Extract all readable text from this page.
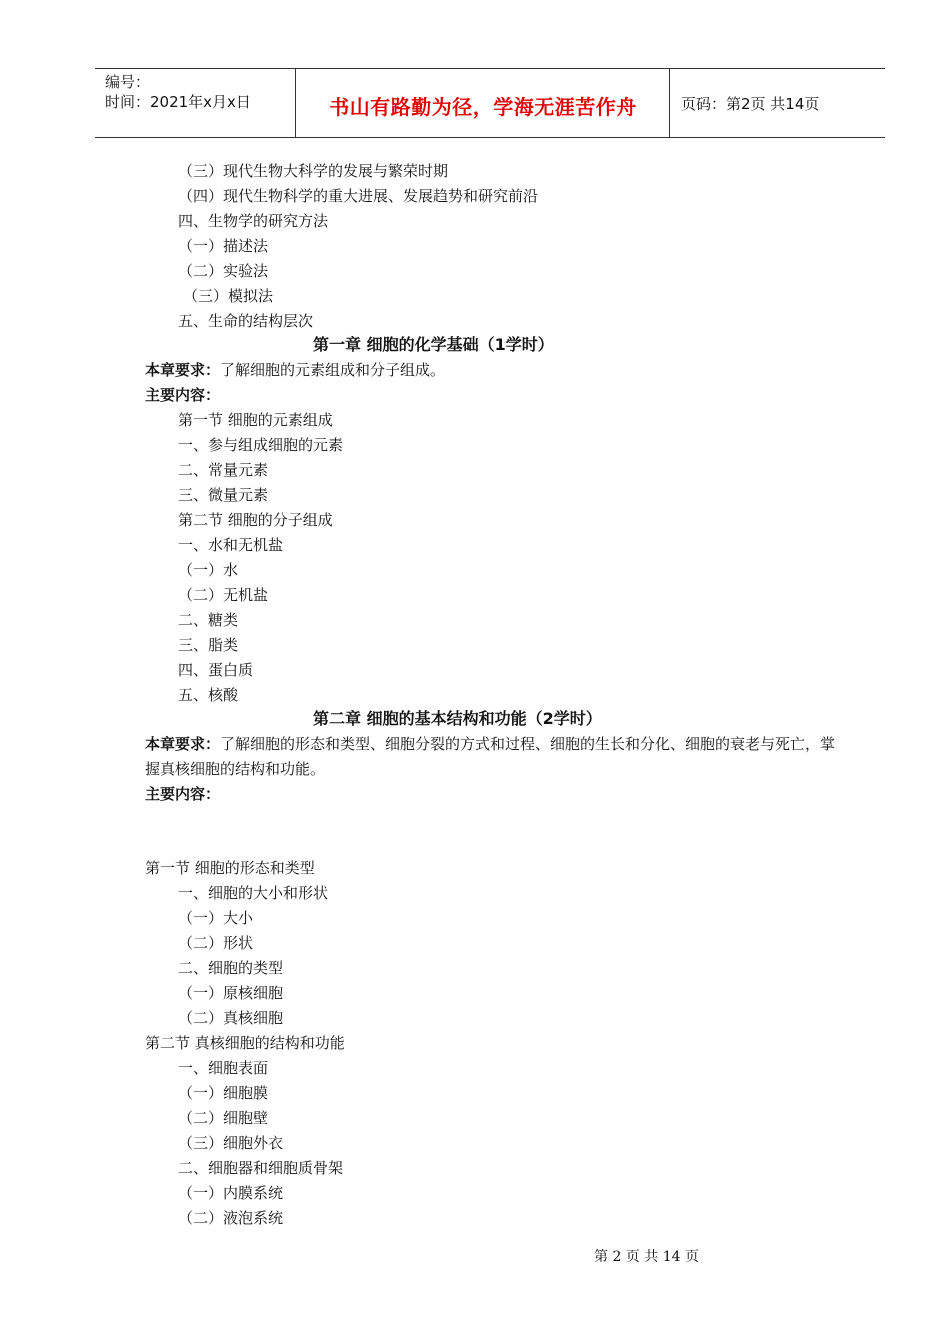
编号：
时间：2021年x月x日	书山有路勤为径，学海无涯苦作舟	页码：第2页 共14页
（三）现代生物大科学的发展与繁荣时期
（四）现代生物科学的重大进展、发展趋势和研究前沿
四、生物学的研究方法
（一）描述法
（二）实验法
（三）模拟法
五、生命的结构层次
第一章 细胞的化学基础（1学时）
本章要求：了解细胞的元素组成和分子组成。
主要内容：
第一节 细胞的元素组成
一、参与组成细胞的元素
二、常量元素
三、微量元素
第二节 细胞的分子组成
一、水和无机盐
（一）水
（二）无机盐
二、糖类
三、脂类
四、蛋白质
五、核酸
第二章 细胞的基本结构和功能（2学时）
本章要求：了解细胞的形态和类型、细胞分裂的方式和过程、细胞的生长和分化、细胞的衰老与死亡，掌握真核细胞的结构和功能。
主要内容：
第一节 细胞的形态和类型
一、细胞的大小和形状
（一）大小
（二）形状
二、细胞的类型
（一）原核细胞
（二）真核细胞
第二节 真核细胞的结构和功能
一、细胞表面
（一）细胞膜
（二）细胞壁
（三）细胞外衣
二、细胞器和细胞质骨架
（一）内膜系统
（二）液泡系统
第 2 页 共 14 页
